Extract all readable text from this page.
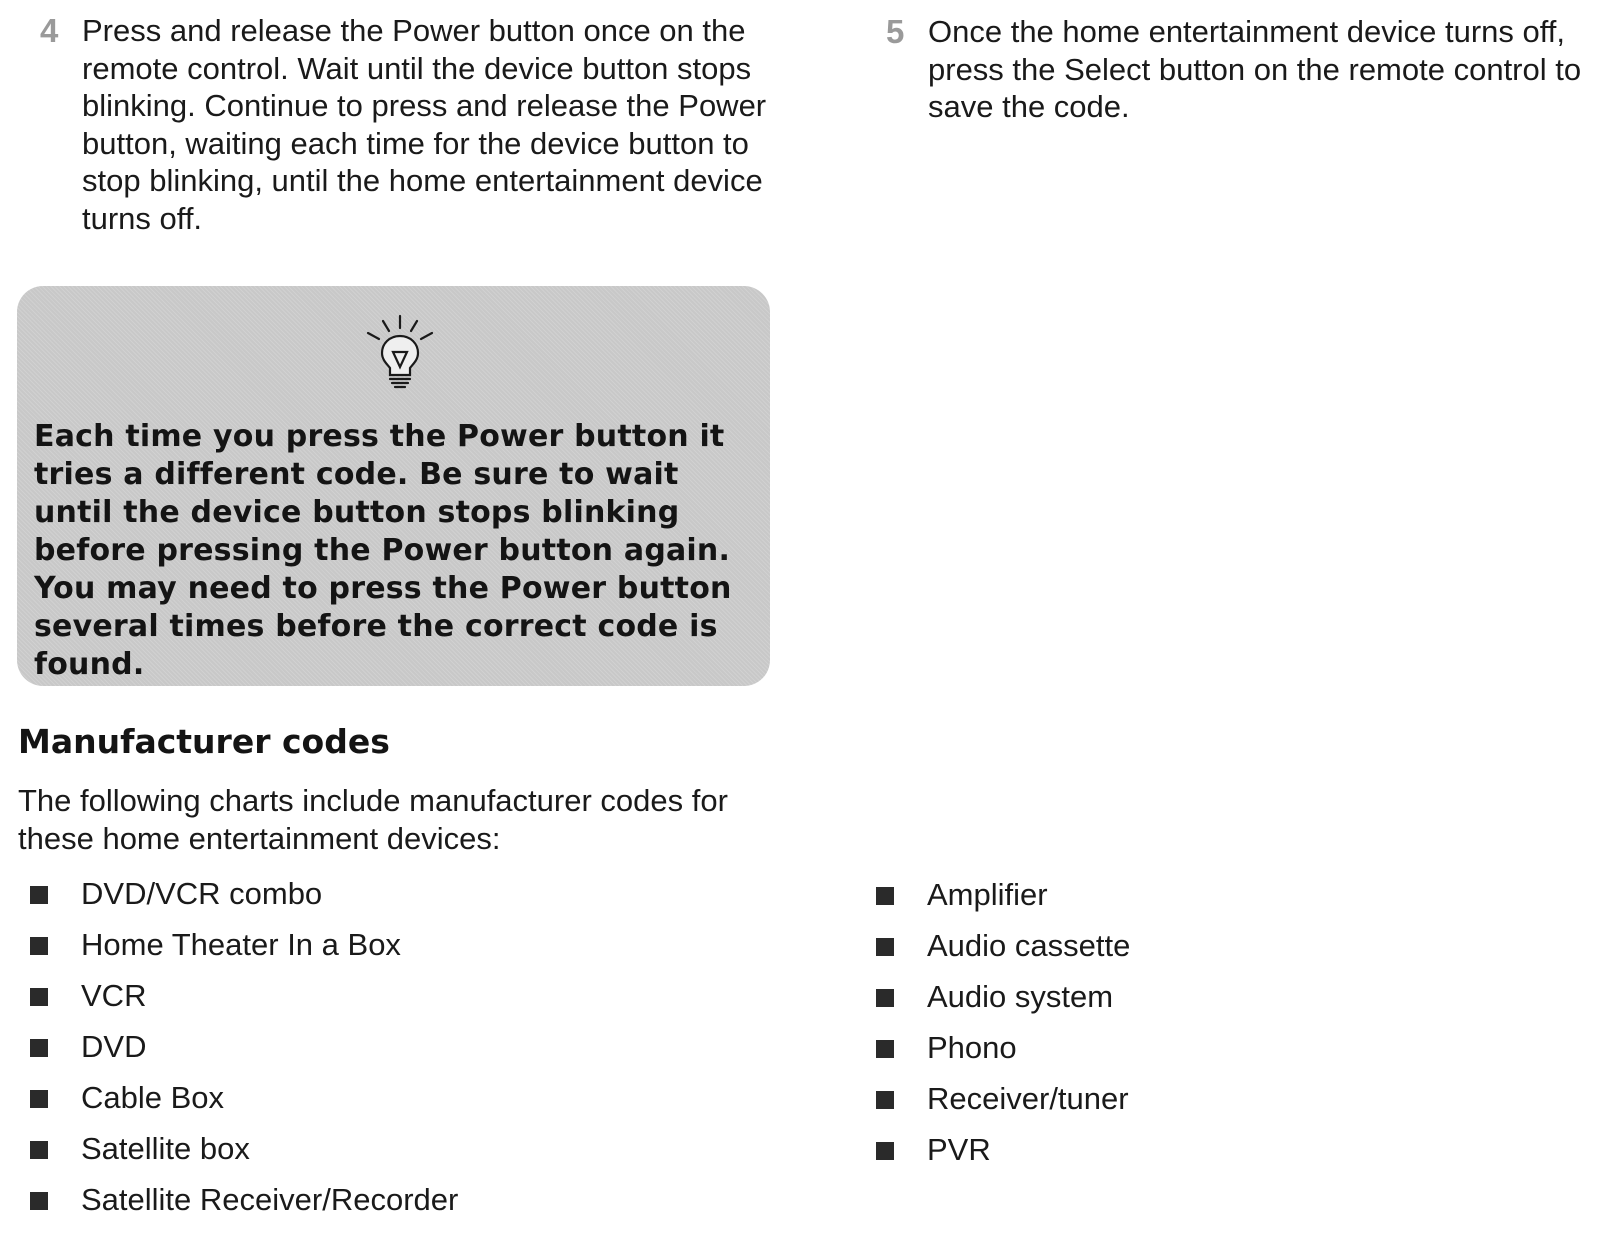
4 Press and release the Power button once on the remote control. Wait until the device button stops blinking. Continue to press and release the Power button, waiting each time for the device button to stop blinking, until the home entertainment device turns off.
5 Once the home entertainment device turns off, press the Select button on the remote control to save the code.
Each time you press the Power button it tries a different code. Be sure to wait until the device button stops blinking before pressing the Power button again. You may need to press the Power button several times before the correct code is found.
Manufacturer codes
The following charts include manufacturer codes for these home entertainment devices:
DVD/VCR combo
Home Theater In a Box
VCR
DVD
Cable Box
Satellite box
Satellite Receiver/Recorder
Amplifier
Audio cassette
Audio system
Phono
Receiver/tuner
PVR
